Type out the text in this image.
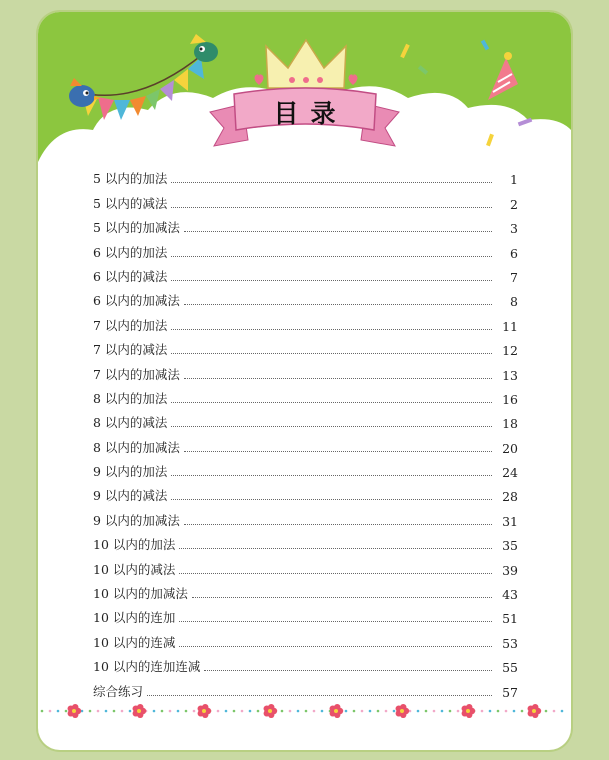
目录
5 以内的加法	1
5 以内的减法	2
5 以内的加减法	3
6 以内的加法	6
6 以内的减法	7
6 以内的加减法	8
7 以内的加法	11
7 以内的减法	12
7 以内的加减法	13
8 以内的加法	16
8 以内的减法	18
8 以内的加减法	20
9 以内的加法	24
9 以内的减法	28
9 以内的加减法	31
10 以内的加法	35
10 以内的减法	39
10 以内的加减法	43
10 以内的连加	51
10 以内的连减	53
10 以内的连加连减	55
综合练习	57
